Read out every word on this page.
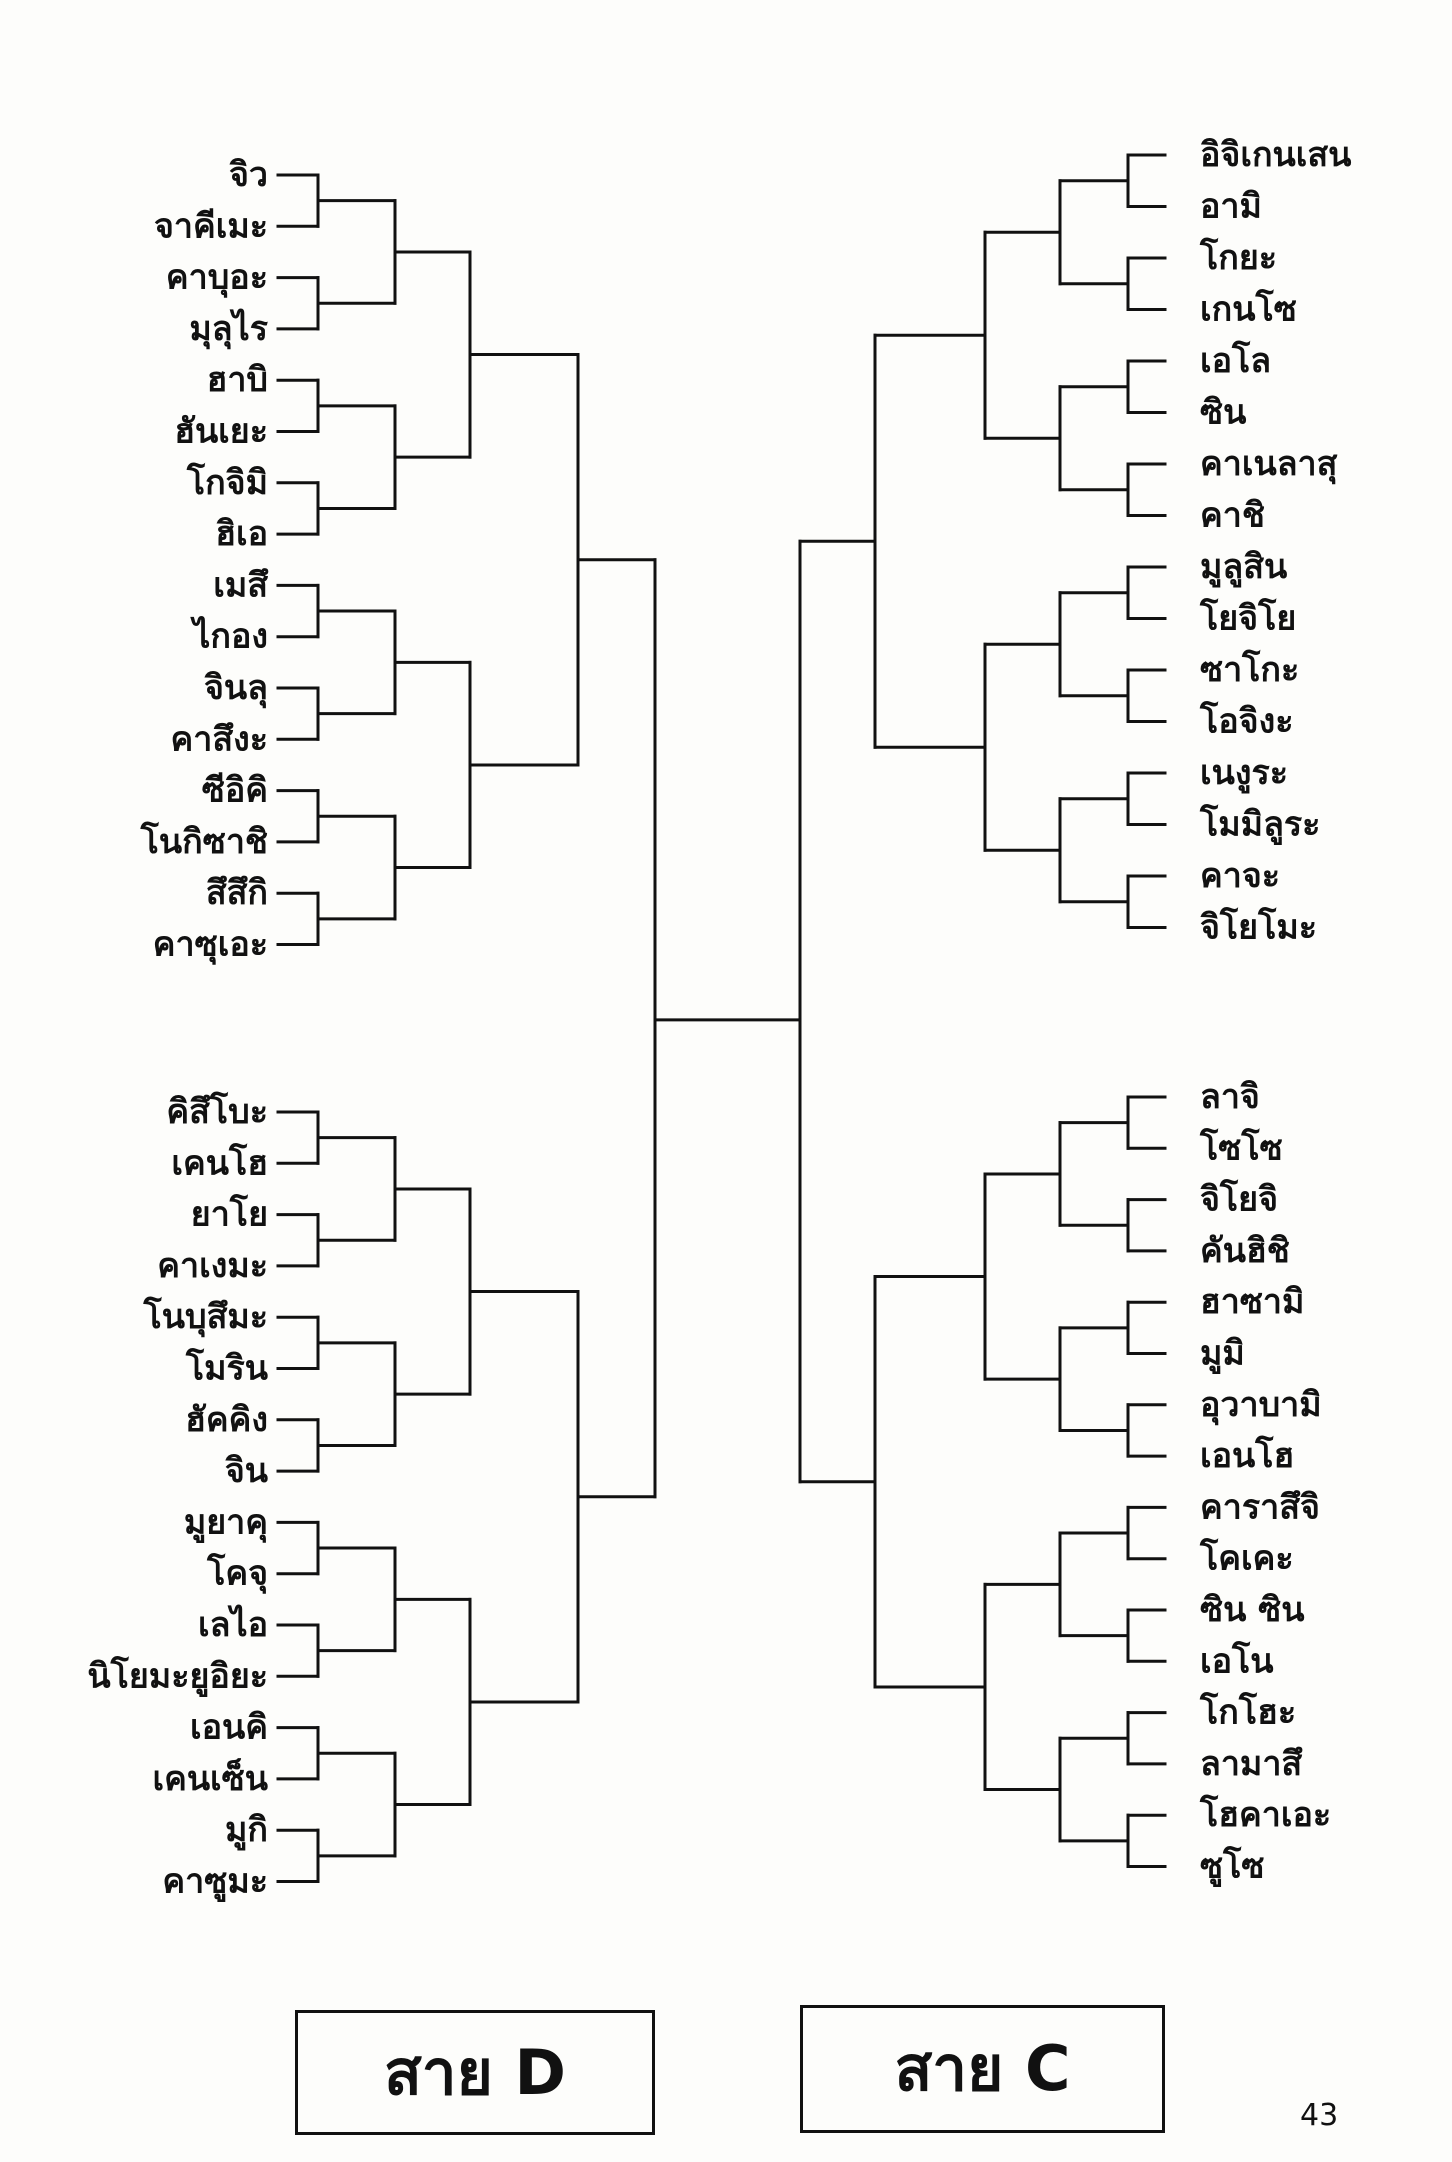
จิว
จาคีเมะ
คาบุอะ
มุลุไร
ฮาบิ
ฮันเยะ
โกจิมิ
ฮิเอ
เมสึ
ไกอง
จินลุ
คาสึงะ
ซีอิคิ
โนกิซาชิ
สึสึกิ
คาซุเอะ
คิสึโบะ
เคนโฮ
ยาโย
คาเงมะ
โนบุสึมะ
โมริน
ฮัคคิง
จิน
มูยาคุ
โคจุ
เลไอ
นิโยมะยูอิยะ
เอนคิ
เคนเซ็น
มูกิ
คาซูมะ
อิจิเกนเสน
อามิ
โกยะ
เกนโซ
เอโล
ซิน
คาเนลาสุ
คาชิ
มูลูสิน
โยจิโย
ซาโกะ
โอจิงะ
เนงูระ
โมมิลูระ
คาจะ
จิโยโมะ
ลาจิ
โซโซ
จิโยจิ
คันฮิชิ
ฮาซามิ
มูมิ
อุวาบามิ
เอนโฮ
คาราสึจิ
โคเคะ
ซิน ซิน
เอโน
โกโฮะ
ลามาสึ
โฮคาเอะ
ซูโซ
สาย D	สาย C
43
